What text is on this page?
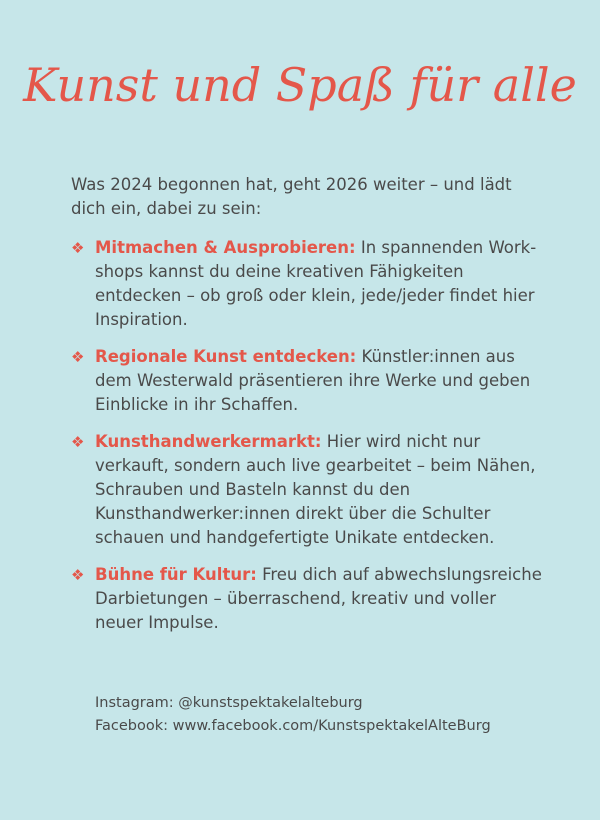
Kunst und Spaß für alle
Was 2024 begonnen hat, geht 2026 weiter – und lädt dich ein, dabei zu sein:
❖ Mitmachen & Ausprobieren: In spannenden Workshops kannst du deine kreativen Fähigkeiten entdecken – ob groß oder klein, jede/jeder findet hier Inspiration.
❖ Regionale Kunst entdecken: Künstler:innen aus dem Westerwald präsentieren ihre Werke und geben Einblicke in ihr Schaffen.
❖ Kunsthandwerkermarkt: Hier wird nicht nur verkauft, sondern auch live gearbeitet – beim Nähen, Schrauben und Basteln kannst du den Kunsthandwerker:innen direkt über die Schulter schauen und handgefertigte Unikate entdecken.
❖ Bühne für Kultur: Freu dich auf abwechslungsreiche Darbietungen – überraschend, kreativ und voller neuer Impulse.
Instagram: @kunstspektakelalteburg
Facebook: www.facebook.com/KunstspektakelAlteBurg
